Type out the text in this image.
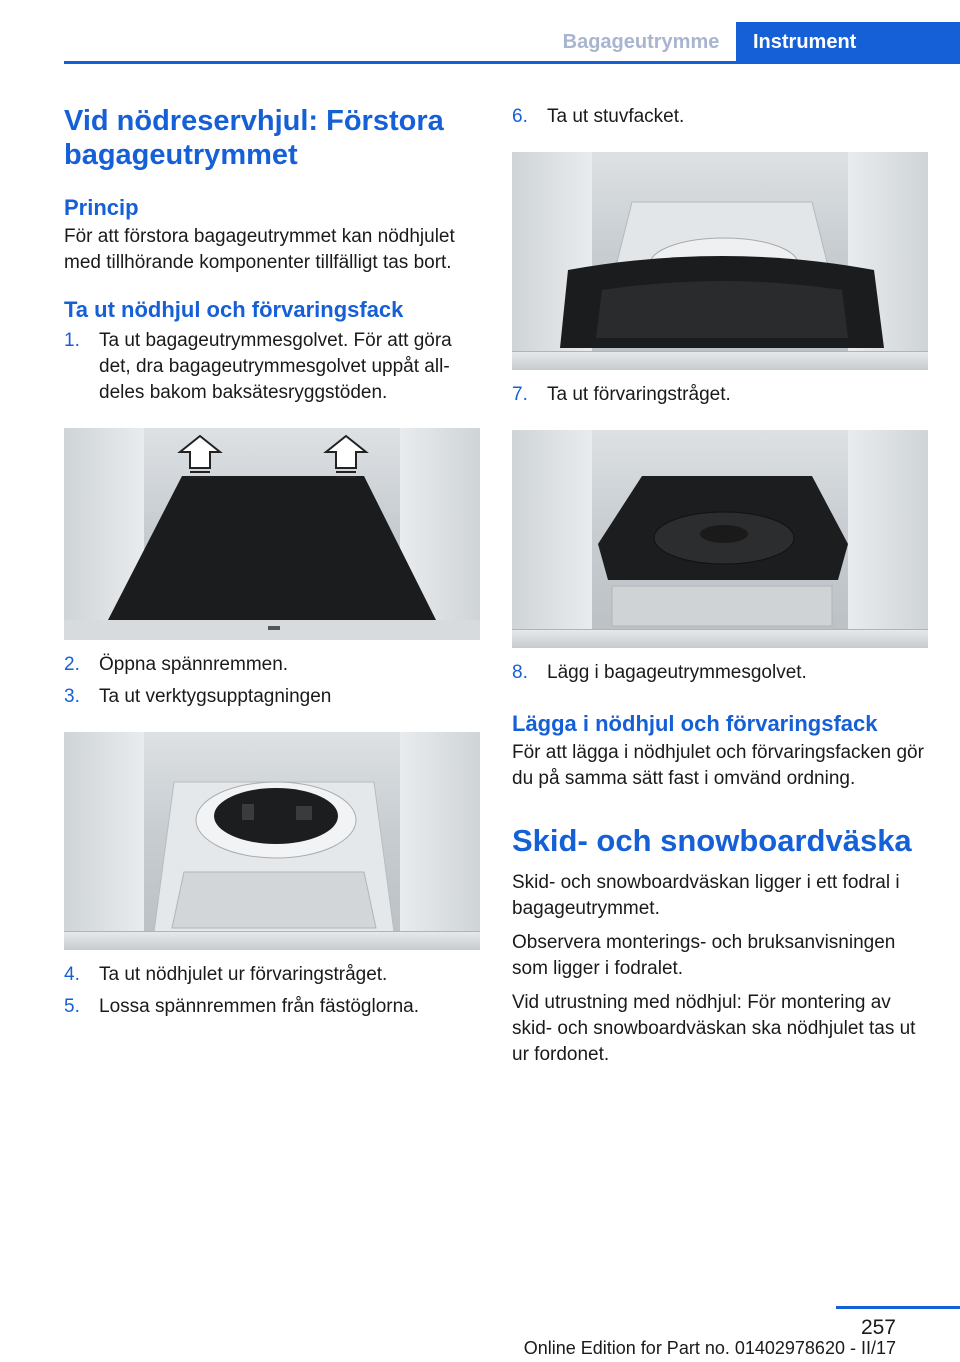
Bagageutrymme	Instrument
Vid nödreservhjul: Förstora bagageutrymmet
Princip
För att förstora bagageutrymmet kan nödhjulet med tillhörande komponenter tillfälligt tas bort.
Ta ut nödhjul och förvaringsfack
1. Ta ut bagageutrymmesgolvet. För att göra det, dra bagageutrymmesgolvet uppåt alldeles bakom baksätesryggstöden.
2. Öppna spännremmen.
3. Ta ut verktygsupptagningen
4. Ta ut nödhjulet ur förvaringstråget.
5. Lossa spännremmen från fästöglorna.
6. Ta ut stuvfacket.
7. Ta ut förvaringstråget.
8. Lägg i bagageutrymmesgolvet.
Lägga i nödhjul och förvaringsfack
För att lägga i nödhjulet och förvaringsfacken gör du på samma sätt fast i omvänd ordning.
Skid- och snowboardväska
Skid- och snowboardväskan ligger i ett fodral i bagageutrymmet.
Observera monterings- och bruksanvisningen som ligger i fodralet.
Vid utrustning med nödhjul: För montering av skid- och snowboardväskan ska nödhjulet tas ut ur fordonet.
257
Online Edition for Part no. 01402978620 - II/17
